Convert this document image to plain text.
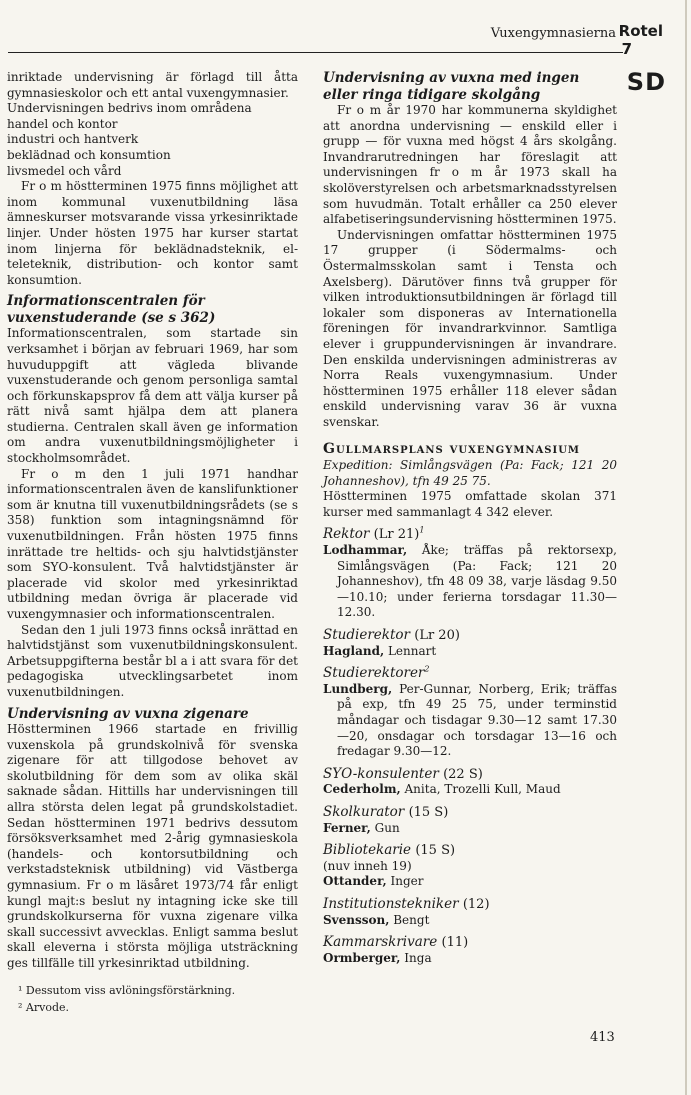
Vuxengymnasierna Rotel
7
SD

inriktade undervisning är förlagd till åtta gymnasieskolor och ett antal vuxengymnasier.

Undervisningen bedrivs inom områdena
handel och kontor
industri och hantverk
beklädnad och konsumtion
livsmedel och vård

Fr o m höstterminen 1975 finns möjlighet att inom kommunal vuxenutbildning läsa ämneskurser motsvarande vissa yrkesinriktade linjer. Under hösten 1975 har kurser startat inom linjerna för beklädnadsteknik, el-teleteknik, distribution- och kontor samt konsumtion.

Informationscentralen för vuxenstuderande (se s 362)

Informationscentralen, som startade sin verksamhet i början av februari 1969, har som huvuduppgift att vägleda blivande vuxenstuderande och genom personliga samtal och förkunskapsprov få dem att välja kurser på rätt nivå samt hjälpa dem att planera studierna. Centralen skall även ge information om andra vuxenutbildningsmöjligheter i stockholmsområdet.

Fr o m den 1 juli 1971 handhar informationscentralen även de kanslifunktioner som är knutna till vuxenutbildningsrådets (se s 358) funktion som intagningsnämnd för vuxenutbildningen. Från hösten 1975 finns inrättade tre heltids- och sju halvtidstjänster som SYO-konsulent. Två halvtidstjänster är placerade vid skolor med yrkesinriktad utbildning medan övriga är placerade vid vuxengymnasier och informationscentralen.

Sedan den 1 juli 1973 finns också inrättad en halvtidstjänst som vuxenutbildningskonsulent. Arbetsuppgifterna består bl a i att svara för det pedagogiska utvecklingsarbetet inom vuxenutbildningen.

Undervisning av vuxna zigenare

Höstterminen 1966 startade en frivillig vuxenskola på grundskolnivå för svenska zigenare för att tillgodose behovet av skolutbildning för dem som av olika skäl saknade sådan. Hittills har undervisningen till allra största delen legat på grundskolstadiet. Sedan höstterminen 1971 bedrivs dessutom försöksverksamhet med 2-årig gymnasieskola (handels- och kontorsutbildning och verkstadsteknisk utbildning) vid Västberga gymnasium. Fr o m läsåret 1973/74 får enligt kungl majt:s beslut ny intagning icke ske till grundskolkurserna för vuxna zigenare vilka skall successivt avvecklas. Enligt samma beslut skall eleverna i största möjliga utsträckning ges tillfälle till yrkesinriktad utbildning.

¹ Dessutom viss avlöningsförstärkning.
² Arvode.

Undervisning av vuxna med ingen eller ringa tidigare skolgång

Fr o m år 1970 har kommunerna skyldighet att anordna undervisning — enskild eller i grupp — för vuxna med högst 4 års skolgång. Invandrarutredningen har föreslagit att undervisningen fr o m år 1973 skall ha skolöverstyrelsen och arbetsmarknadsstyrelsen som huvudmän. Totalt erhåller ca 250 elever alfabetiseringsundervisning höstterminen 1975.

Undervisningen omfattar höstterminen 1975 17 grupper (i Södermalms- och Östermalmsskolan samt i Tensta och Axelsberg). Därutöver finns två grupper för vilken introduktionsutbildningen är förlagd till lokaler som disponeras av Internationella föreningen för invandrarkvinnor. Samtliga elever i gruppundervisningen är invandrare. Den enskilda undervisningen administreras av Norra Reals vuxengymnasium. Under höstterminen 1975 erhåller 118 elever sådan enskild undervisning varav 36 är vuxna svenskar.

Gullmarsplans vuxengymnasium

Expedition: Simlångsvägen (Pa: Fack; 121 20 Johanneshov), tfn 49 25 75.

Höstterminen 1975 omfattade skolan 371 kurser med sammanlagt 4 342 elever.

Rektor (Lr 21)$^1$

Lodhammar, Åke; träffas på rektorsexp, Simlångsvägen (Pa: Fack; 121 20 Johanneshov), tfn 48 09 38, varje läsdag 9.50—10.10; under ferierna torsdagar 11.30—12.30.

Studierektor (Lr 20)

Hagland, Lennart

Studierektorer$^2$

Lundberg, Per-Gunnar, Norberg, Erik; träffas på exp, tfn 49 25 75, under terminstid måndagar och tisdagar 9.30—12 samt 17.30—20, onsdagar och torsdagar 13—16 och fredagar 9.30—12.

SYO-konsulenter (22 S)

Cederholm, Anita, Trozelli Kull, Maud

Skolkurator (15 S)

Ferner, Gun

Bibliotekarie (15 S)

(nuv inneh 19)

Ottander, Inger

Institutionstekniker (12)

Svensson, Bengt

Kammarskrivare (11)

Ormberger, Inga

413
